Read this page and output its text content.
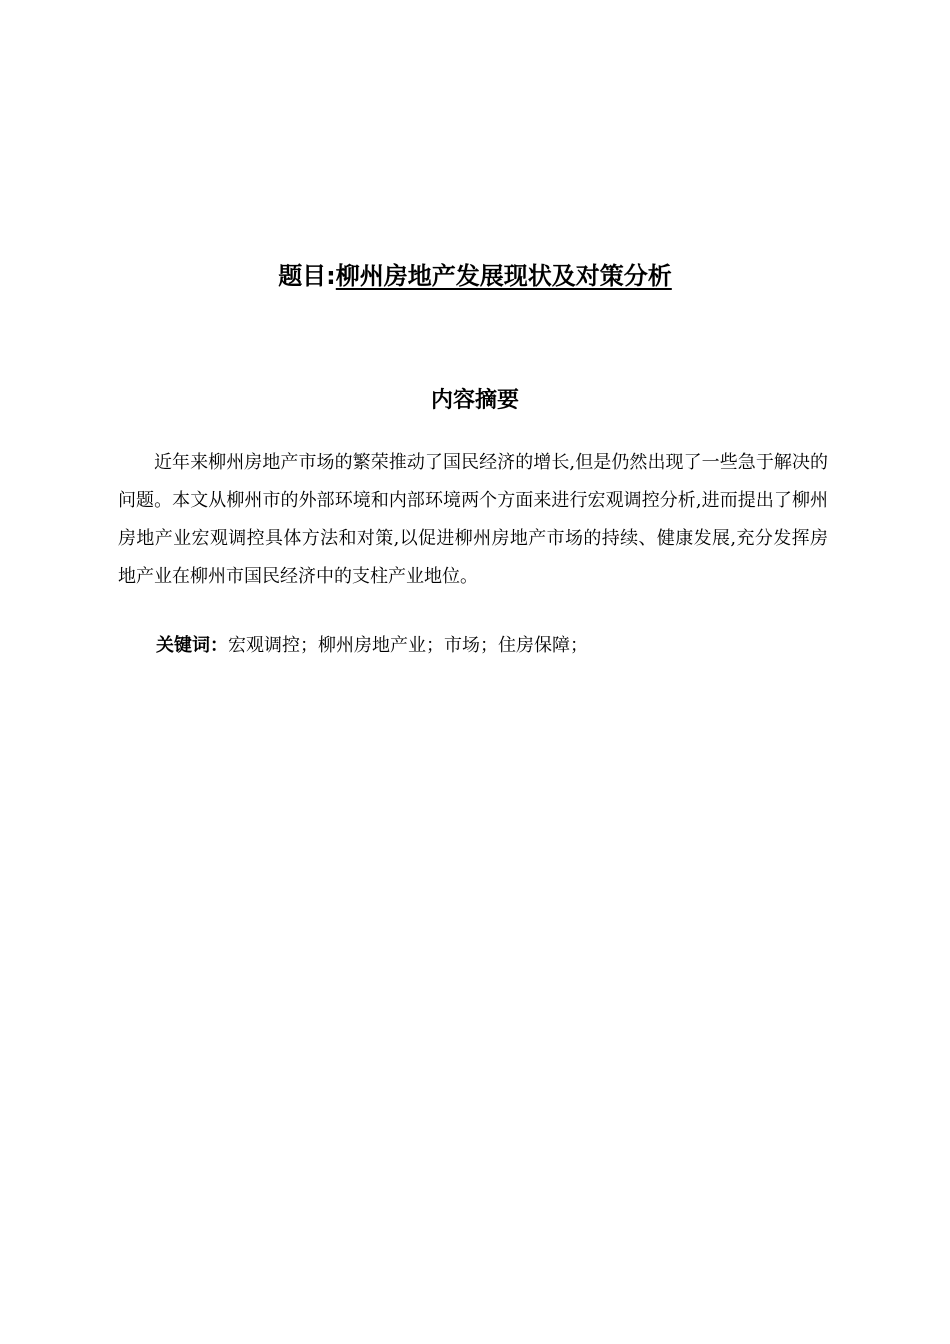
题目:柳州房地产发展现状及对策分析
内容摘要

近年来柳州房地产市场的繁荣推动了国民经济的增长,但是仍然出现了一些急于解决的问题。本文从柳州市的外部环境和内部环境两个方面来进行宏观调控分析,进而提出了柳州房地产业宏观调控具体方法和对策,以促进柳州房地产市场的持续、健康发展,充分发挥房地产业在柳州市国民经济中的支柱产业地位。

关键词：宏观调控；柳州房地产业；市场；住房保障；
